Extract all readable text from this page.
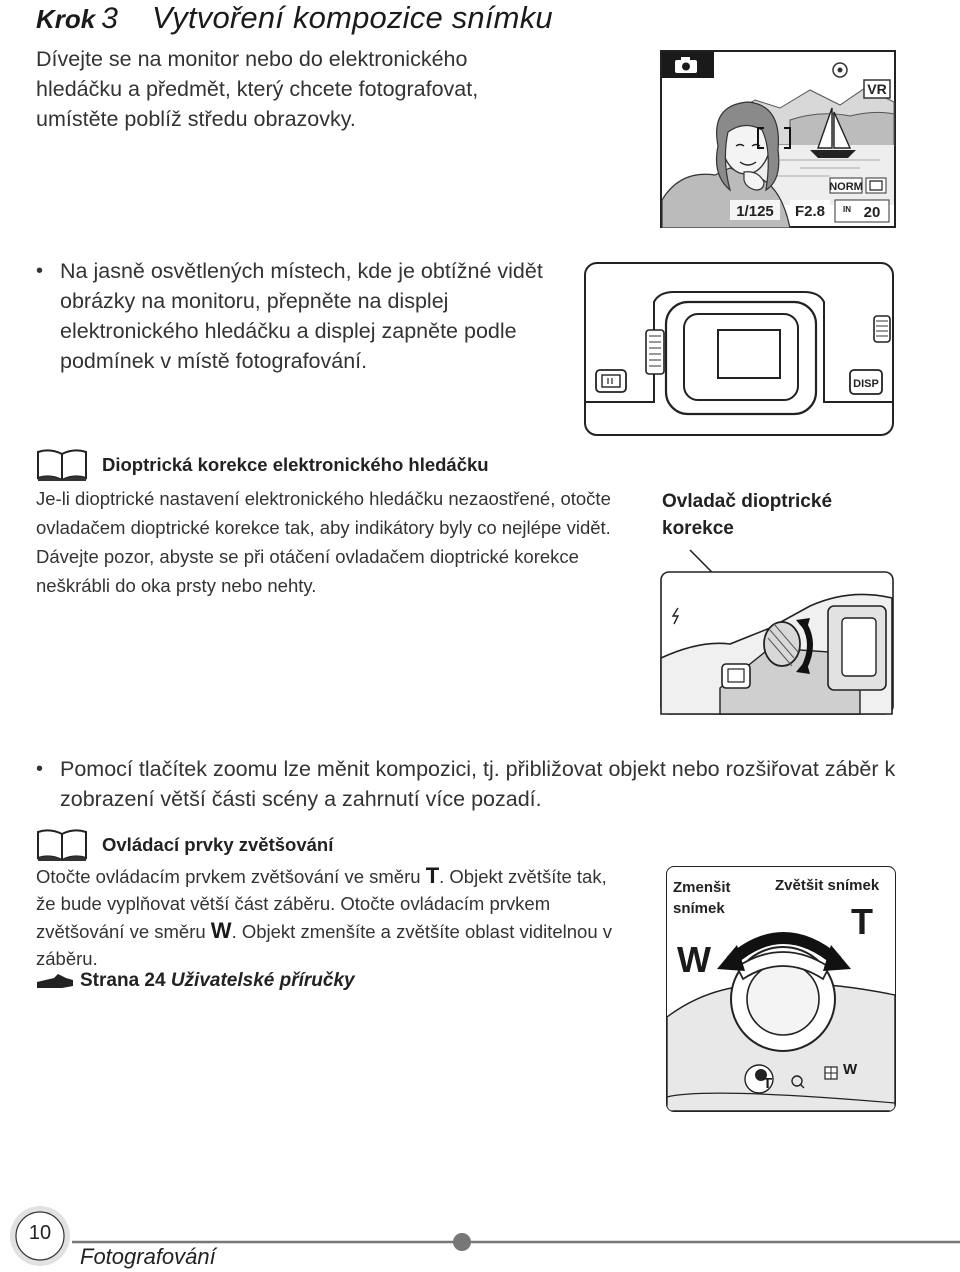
Krok 3 Vytvoření kompozice snímku
Dívejte se na monitor nebo do elektronického hledáčku a předmět, který chcete fotografovat, umístěte poblíž středu obrazovky.
VR
NORM
1/125 F2.8 IN 20
• Na jasně osvětlených místech, kde je obtížné vidět obrázky na monitoru, přepněte na displej elektronického hledáčku a displej zapněte podle podmínek v místě fotografování.
DISP
Dioptrická korekce elektronického hledáčku
Je-li dioptrické nastavení elektronického hledáčku nezaostřené, otočte ovladačem dioptrické korekce tak, aby indikátory byly co nejlépe vidět. Dávejte pozor, abyste se při otáčení ovladačem dioptrické korekce neškrábli do oka prsty nebo nehty.
Ovladač dioptrické
korekce
• Pomocí tlačítek zoomu lze měnit kompozici, tj. přibližovat objekt nebo rozšiřovat záběr k zobrazení větší části scény a zahrnutí více pozadí.
Ovládací prvky zvětšování
Otočte ovládacím prvkem zvětšování ve směru T. Objekt zvětšíte tak, že bude vyplňovat větší část záběru. Otočte ovládacím prvkem zvětšování ve směru W. Objekt zmenšíte a zvětšíte oblast viditelnou v záběru.
Strana 24 Uživatelské příručky
Zmenšit
snímek
Zvětšit snímek
W
T
T
W
10
Fotografování
